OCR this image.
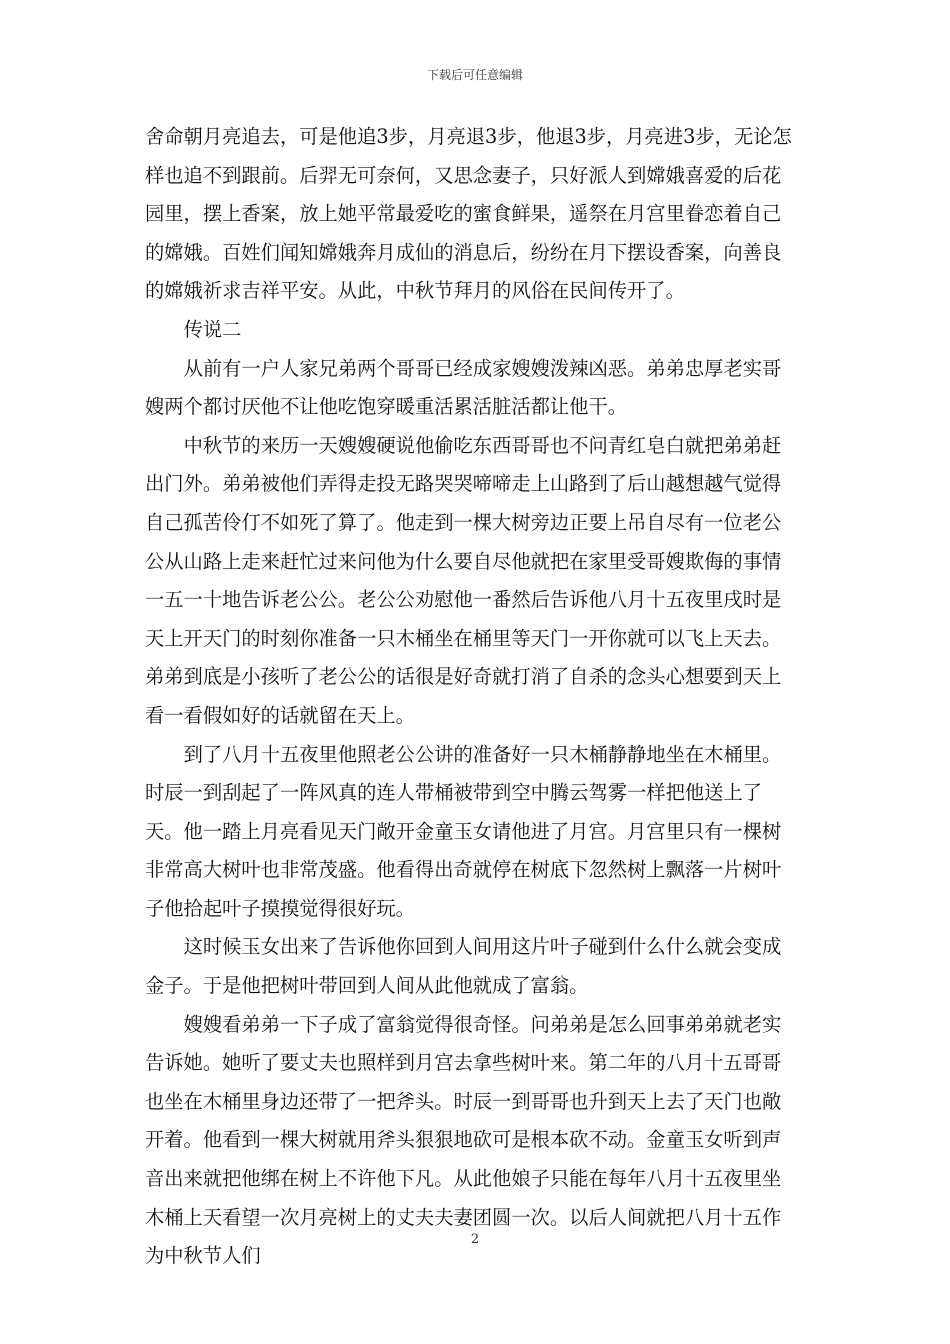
下载后可任意编辑

舍命朝月亮追去，可是他追3步，月亮退3步，他退3步，月亮进3步，无论怎样也追不到跟前。后羿无可奈何，又思念妻子，只好派人到嫦娥喜爱的后花园里，摆上香案，放上她平常最爱吃的蜜食鲜果，遥祭在月宫里眷恋着自己的嫦娥。百姓们闻知嫦娥奔月成仙的消息后，纷纷在月下摆设香案，向善良的嫦娥祈求吉祥平安。从此，中秋节拜月的风俗在民间传开了。

传说二

从前有一户人家兄弟两个哥哥已经成家嫂嫂泼辣凶恶。弟弟忠厚老实哥嫂两个都讨厌他不让他吃饱穿暖重活累活脏活都让他干。

中秋节的来历一天嫂嫂硬说他偷吃东西哥哥也不问青红皂白就把弟弟赶出门外。弟弟被他们弄得走投无路哭哭啼啼走上山路到了后山越想越气觉得自己孤苦伶仃不如死了算了。他走到一棵大树旁边正要上吊自尽有一位老公公从山路上走来赶忙过来问他为什么要自尽他就把在家里受哥嫂欺侮的事情一五一十地告诉老公公。老公公劝慰他一番然后告诉他八月十五夜里戌时是天上开天门的时刻你准备一只木桶坐在桶里等天门一开你就可以飞上天去。弟弟到底是小孩听了老公公的话很是好奇就打消了自杀的念头心想要到天上看一看假如好的话就留在天上。

到了八月十五夜里他照老公公讲的准备好一只木桶静静地坐在木桶里。时辰一到刮起了一阵风真的连人带桶被带到空中腾云驾雾一样把他送上了天。他一踏上月亮看见天门敞开金童玉女请他进了月宫。月宫里只有一棵树非常高大树叶也非常茂盛。他看得出奇就停在树底下忽然树上飘落一片树叶子他拾起叶子摸摸觉得很好玩。

这时候玉女出来了告诉他你回到人间用这片叶子碰到什么什么就会变成金子。于是他把树叶带回到人间从此他就成了富翁。

嫂嫂看弟弟一下子成了富翁觉得很奇怪。问弟弟是怎么回事弟弟就老实告诉她。她听了要丈夫也照样到月宫去拿些树叶来。第二年的八月十五哥哥也坐在木桶里身边还带了一把斧头。时辰一到哥哥也升到天上去了天门也敞开着。他看到一棵大树就用斧头狠狠地砍可是根本砍不动。金童玉女听到声音出来就把他绑在树上不许他下凡。从此他娘子只能在每年八月十五夜里坐木桶上天看望一次月亮树上的丈夫夫妻团圆一次。以后人间就把八月十五作为中秋节人们

2
